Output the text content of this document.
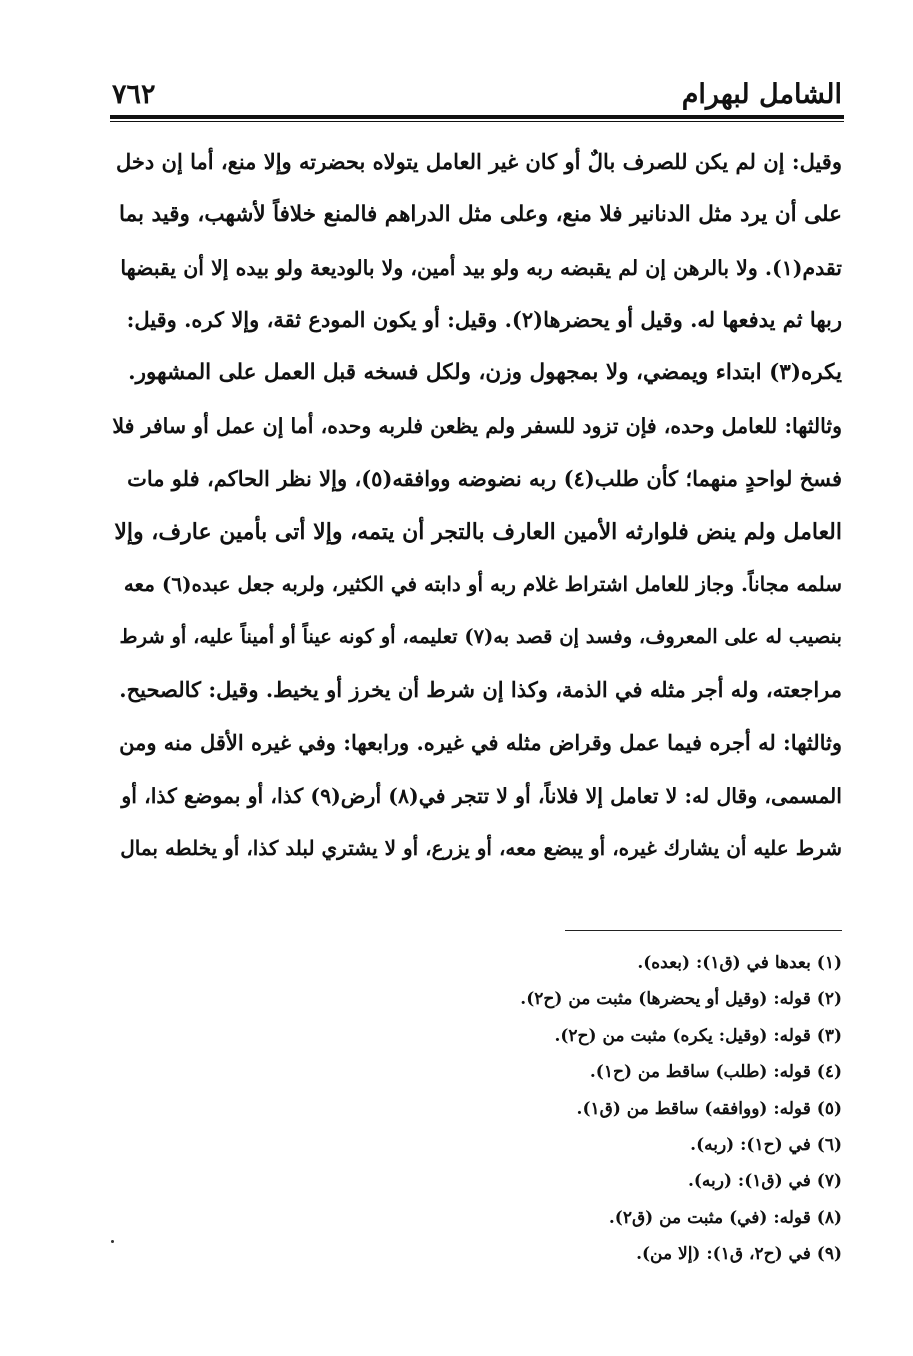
٧٦٢	الشامل لبهرام
وقيل: إن لم يكن للصرف بالٌ أو كان غير العامل يتولاه بحضرته وإلا منع، أما إن دخل
على أن يرد مثل الدنانير فلا منع، وعلى مثل الدراهم فالمنع خلافاً لأشهب، وقيد بما
تقدم(١). ولا بالرهن إن لم يقبضه ربه ولو بيد أمين، ولا بالوديعة ولو بيده إلا أن يقبضها
ربها ثم يدفعها له. وقيل أو يحضرها(٢). وقيل: أو يكون المودع ثقة، وإلا كره. وقيل:
يكره(٣) ابتداء ويمضي، ولا بمجهول وزن، ولكل فسخه قبل العمل على المشهور.
وثالثها: للعامل وحده، فإن تزود للسفر ولم يظعن فلربه وحده، أما إن عمل أو سافر فلا
فسخ لواحدٍ منهما؛ كأن طلب(٤) ربه نضوضه ووافقه(٥)، وإلا نظر الحاكم، فلو مات
العامل ولم ينض فلوارثه الأمين العارف بالتجر أن يتمه، وإلا أتى بأمين عارف، وإلا
سلمه مجاناً. وجاز للعامل اشتراط غلام ربه أو دابته في الكثير، ولربه جعل عبده(٦) معه
بنصيب له على المعروف، وفسد إن قصد به(٧) تعليمه، أو كونه عيناً أو أميناً عليه، أو شرط
مراجعته، وله أجر مثله في الذمة، وكذا إن شرط أن يخرز أو يخيط. وقيل: كالصحيح.
وثالثها: له أجره فيما عمل وقراض مثله في غيره. ورابعها: وفي غيره الأقل منه ومن
المسمى، وقال له: لا تعامل إلا فلاناً، أو لا تتجر في(٨) أرض(٩) كذا، أو بموضع كذا، أو
شرط عليه أن يشارك غيره، أو يبضع معه، أو يزرع، أو لا يشتري لبلد كذا، أو يخلطه بمال
(١) بعدها في (ق١): (بعده).
(٢) قوله: (وقيل أو يحضرها) مثبت من (ح٢).
(٣) قوله: (وقيل: يكره) مثبت من (ح٢).
(٤) قوله: (طلب) ساقط من (ح١).
(٥) قوله: (ووافقه) ساقط من (ق١).
(٦) في (ح١): (ربه).
(٧) في (ق١): (ربه).
(٨) قوله: (في) مثبت من (ق٢).
(٩) في (ح٢، ق١): (إلا من).
